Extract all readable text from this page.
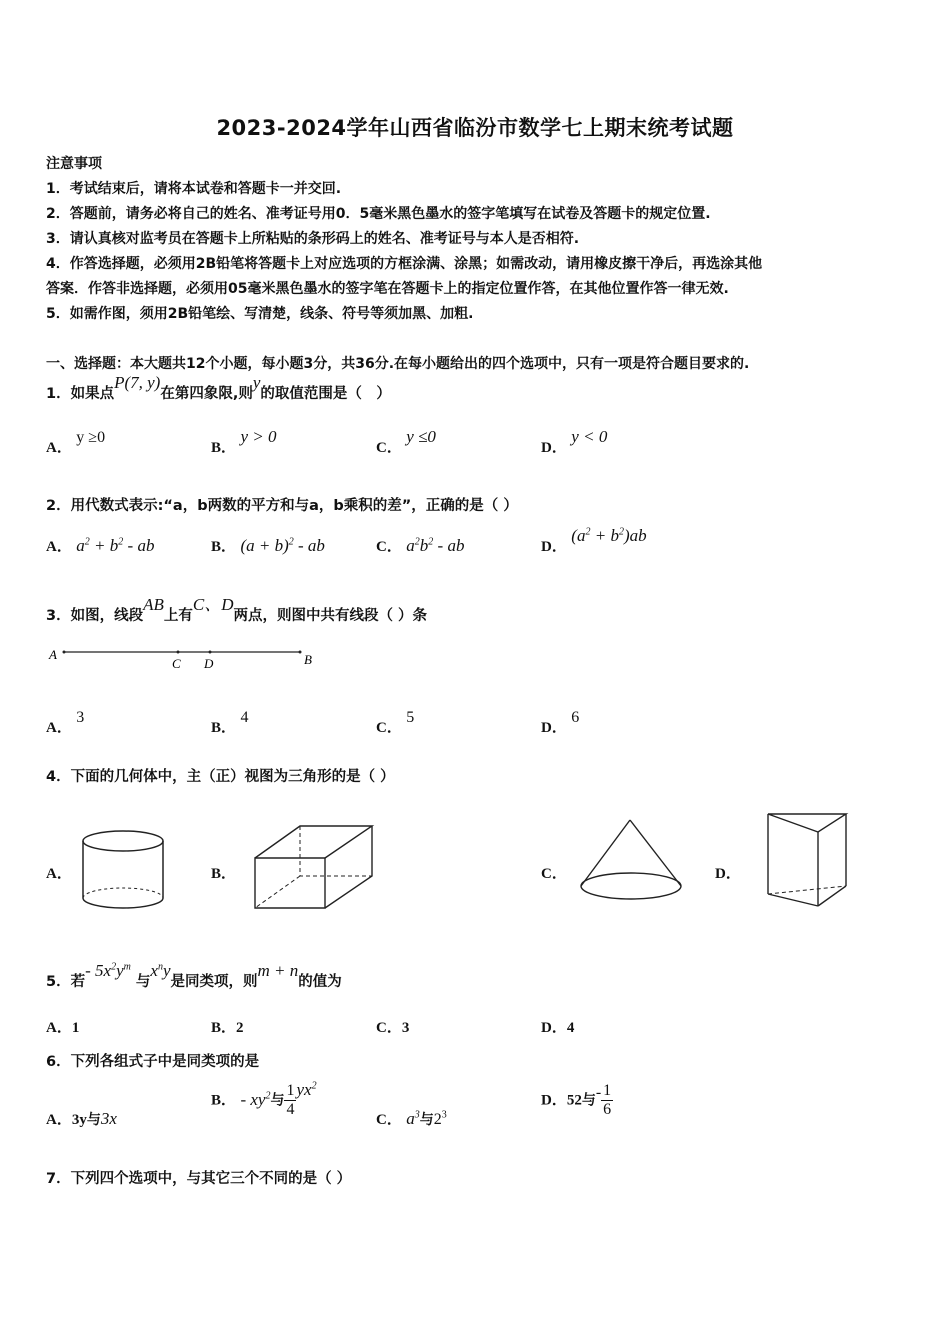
2023-2024学年山西省临汾市数学七上期末统考试题
注意事项
1．考试结束后，请将本试卷和答题卡一并交回.
2．答题前，请务必将自己的姓名、准考证号用0．5毫米黑色墨水的签字笔填写在试卷及答题卡的规定位置.
3．请认真核对监考员在答题卡上所粘贴的条形码上的姓名、准考证号与本人是否相符.
4．作答选择题，必须用2B铅笔将答题卡上对应选项的方框涂满、涂黑；如需改动，请用橡皮擦干净后，再选涂其他
答案．作答非选择题，必须用05毫米黑色墨水的签字笔在答题卡上的指定位置作答，在其他位置作答一律无效.
5．如需作图，须用2B铅笔绘、写清楚，线条、符号等须加黑、加粗.
一、选择题：本大题共12个小题，每小题3分，共36分.在每小题给出的四个选项中，只有一项是符合题目要求的.
1．如果点P(7, y)在第四象限,则y的取值范围是（　）
A． y ≥0
B． y > 0
C． y ≤0
D． y < 0
2．用代数式表示:“a，b两数的平方和与a，b乘积的差”，正确的是（ ）
A． $a^2 + b^2$ - ab	B． $(a + b)^2$ - ab	C． $a^2b^2$ - ab	D． $(a^2 + b^2)ab$
3．如图，线段AB上有C、D两点，则图中共有线段（ ）条
A
C D	B
A． 3
B． 4
C． 5
D． 6
4．下面的几何体中，主（正）视图为三角形的是（ ）
A．	B．	C．	D．
5．若- $5x^2y^m$ 与$x^ny$是同类项，则m + n的值为
A．1	B．2	C．3	D．4
6．下列各组式子中是同类项的是
A．3y与3x
B． - $xy^2$与 $\frac{1}{4} yx^2$
C． $a^3$与$2^3$
D．52与- $\frac{1}{6}$
7．下列四个选项中，与其它三个不同的是（ ）
